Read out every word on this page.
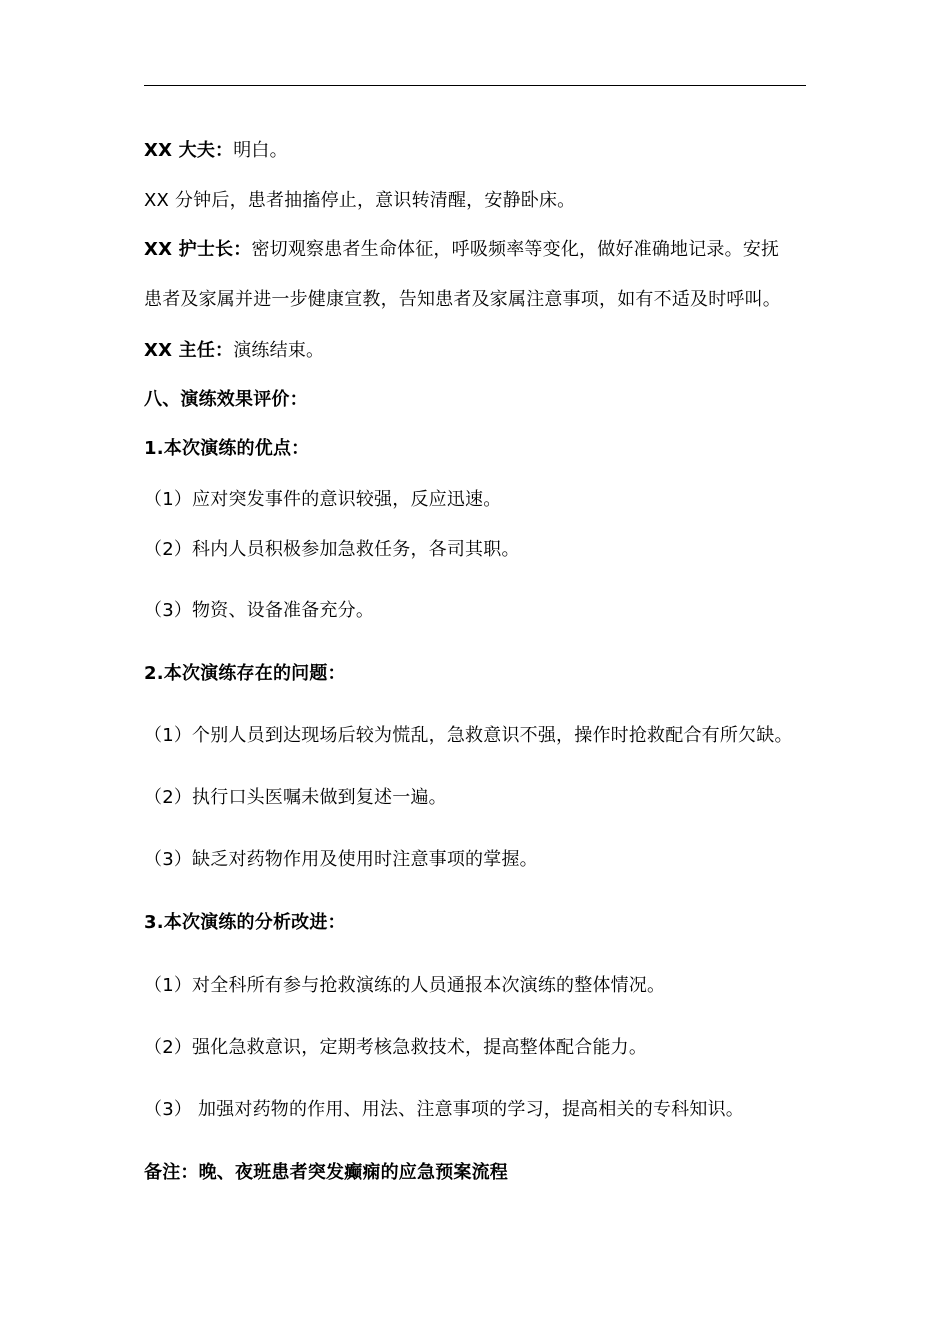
XX 大夫：明白。
XX 分钟后，患者抽搐停止，意识转清醒，安静卧床。
XX 护士长：密切观察患者生命体征，呼吸频率等变化，做好准确地记录。安抚
患者及家属并进一步健康宣教，告知患者及家属注意事项，如有不适及时呼叫。
XX 主任：演练结束。
八、演练效果评价：
1.本次演练的优点：
（1）应对突发事件的意识较强，反应迅速。
（2）科内人员积极参加急救任务，各司其职。
（3）物资、设备准备充分。
2.本次演练存在的问题：
（1）个别人员到达现场后较为慌乱，急救意识不强，操作时抢救配合有所欠缺。
（2）执行口头医嘱未做到复述一遍。
（3）缺乏对药物作用及使用时注意事项的掌握。
3.本次演练的分析改进：
（1）对全科所有参与抢救演练的人员通报本次演练的整体情况。
（2）强化急救意识，定期考核急救技术，提高整体配合能力。
（3） 加强对药物的作用、用法、注意事项的学习，提高相关的专科知识。
备注：晚、夜班患者突发癫痫的应急预案流程
